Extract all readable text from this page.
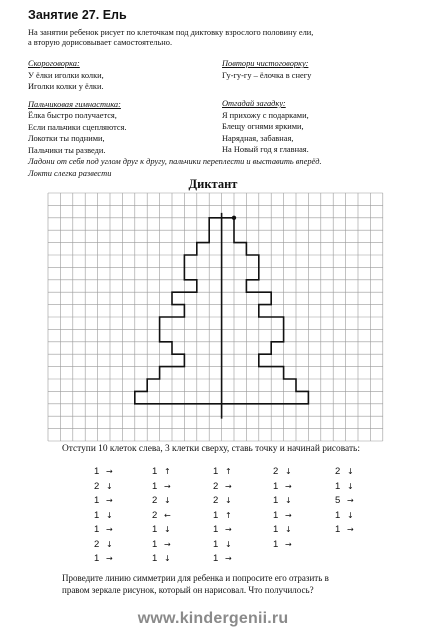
Занятие 27. Ель
На занятии ребенок рисует по клеточкам под диктовку взрослого половину ели,
а вторую дорисовывает самостоятельно.
Скороговорка:
У ёлки иголки колки,
Иголки колки у ёлки.
Пальчиковая гимнастика:
Ёлка быстро получается,
Если пальчики сцепляются.
Локотки ты подними,
Пальчики ты разведи.
Ладони от себя под углом друг к другу, пальчики переплести и выставить вперёд.
Локти слегка развести
Повтори чистоговорку:
Гу-гу-гу – ёлочка в снегу
Отгадай загадку:
Я прихожу с подарками,
Блещу огнями яркими,
Нарядная, забавная,
На Новый год я главная.
Диктант
Отступи 10 клеток слева, 3 клетки сверху, ставь точку и начинай рисовать:
1 →
2 ↓
1 →
1 ↓
1 →
2 ↓
1 →
1 ↑
1 →
2 ↓
2 ←
1 ↓
1 →
1 ↓
1 ↑
2 →
2 ↓
1 ↑
1 →
1 ↓
1 →
2 ↓
1 →
1 ↓
1 →
1 ↓
1 →
2 ↓
1 ↓
5 →
1 ↓
1 →
Проведите линию симметрии для ребенка и попросите его отразить в
правом зеркале рисунок, который он нарисовал. Что получилось?
www.kindergenii.ru
